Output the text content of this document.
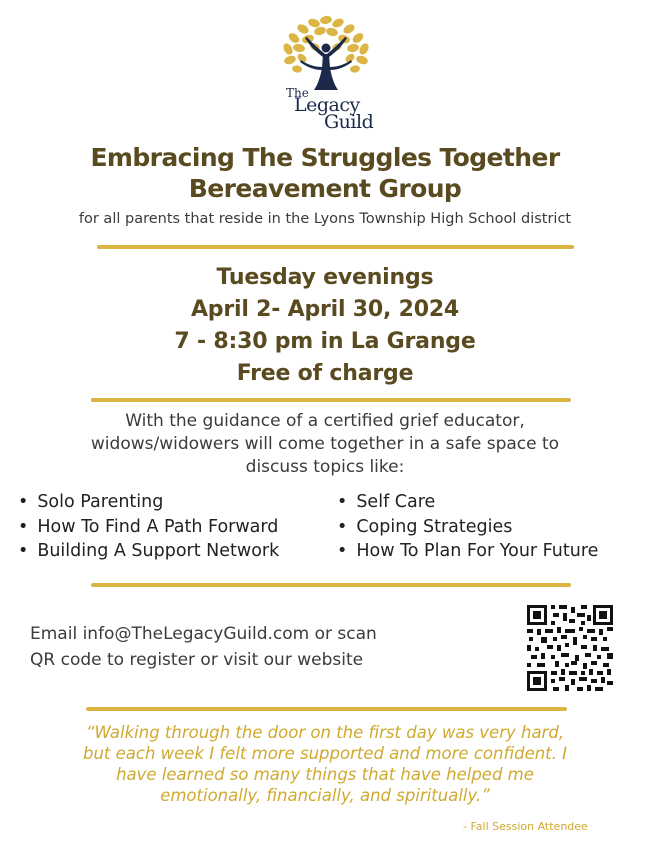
The
Legacy
Guild
Embracing The Struggles Together
Bereavement Group
for all parents that reside in the Lyons Township High School district
Tuesday evenings
April 2- April 30, 2024
7 - 8:30 pm in La Grange
Free of charge
With the guidance of a certified grief educator,
widows/widowers will come together in a safe space to
discuss topics like:
• Solo Parenting
• How To Find A Path Forward
• Building A Support Network
• Self Care
• Coping Strategies
• How To Plan For Your Future
Email info@TheLegacyGuild.com or scan
QR code to register or visit our website
“Walking through the door on the first day was very hard,
but each week I felt more supported and more confident. I
have learned so many things that have helped me
emotionally, financially, and spiritually.”
- Fall Session Attendee
